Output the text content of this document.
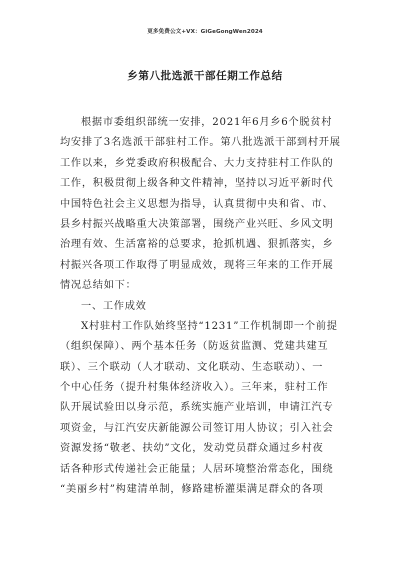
更多免费公文+VX：GiGeGongWen2024
乡第八批选派干部任期工作总结
根据市委组织部统一安排，2021年6月乡6个脱贫村
均安排了3名选派干部驻村工作。第八批选派干部到村开展
工作以来，乡党委政府积极配合、大力支持驻村工作队的
工作，积极贯彻上级各种文件精神，坚持以习近平新时代
中国特色社会主义思想为指导，认真贯彻中央和省、市、
县乡村振兴战略重大决策部署，围绕产业兴旺、乡风文明
治理有效、生活富裕的总要求，抢抓机遇、狠抓落实，乡
村振兴各项工作取得了明显成效，现将三年来的工作开展
情况总结如下：
一、工作成效
X村驻村工作队始终坚持“1231”工作机制即一个前提
（组织保障）、两个基本任务（防返贫监测、党建共建互
联）、三个联动（人才联动、文化联动、生态联动）、一
个中心任务（提升村集体经济收入）。三年来，驻村工作
队开展试验田以身示范，系统实施产业培训，申请江汽专
项资金，与江汽安庆新能源公司签订用人协议；引入社会
资源发扬“敬老、扶幼”文化，发动党员群众通过乡村夜
话各种形式传递社会正能量；人居环境整治常态化，围绕
“美丽乡村”构建清单制，修路建桥灌渠满足群众的各项
